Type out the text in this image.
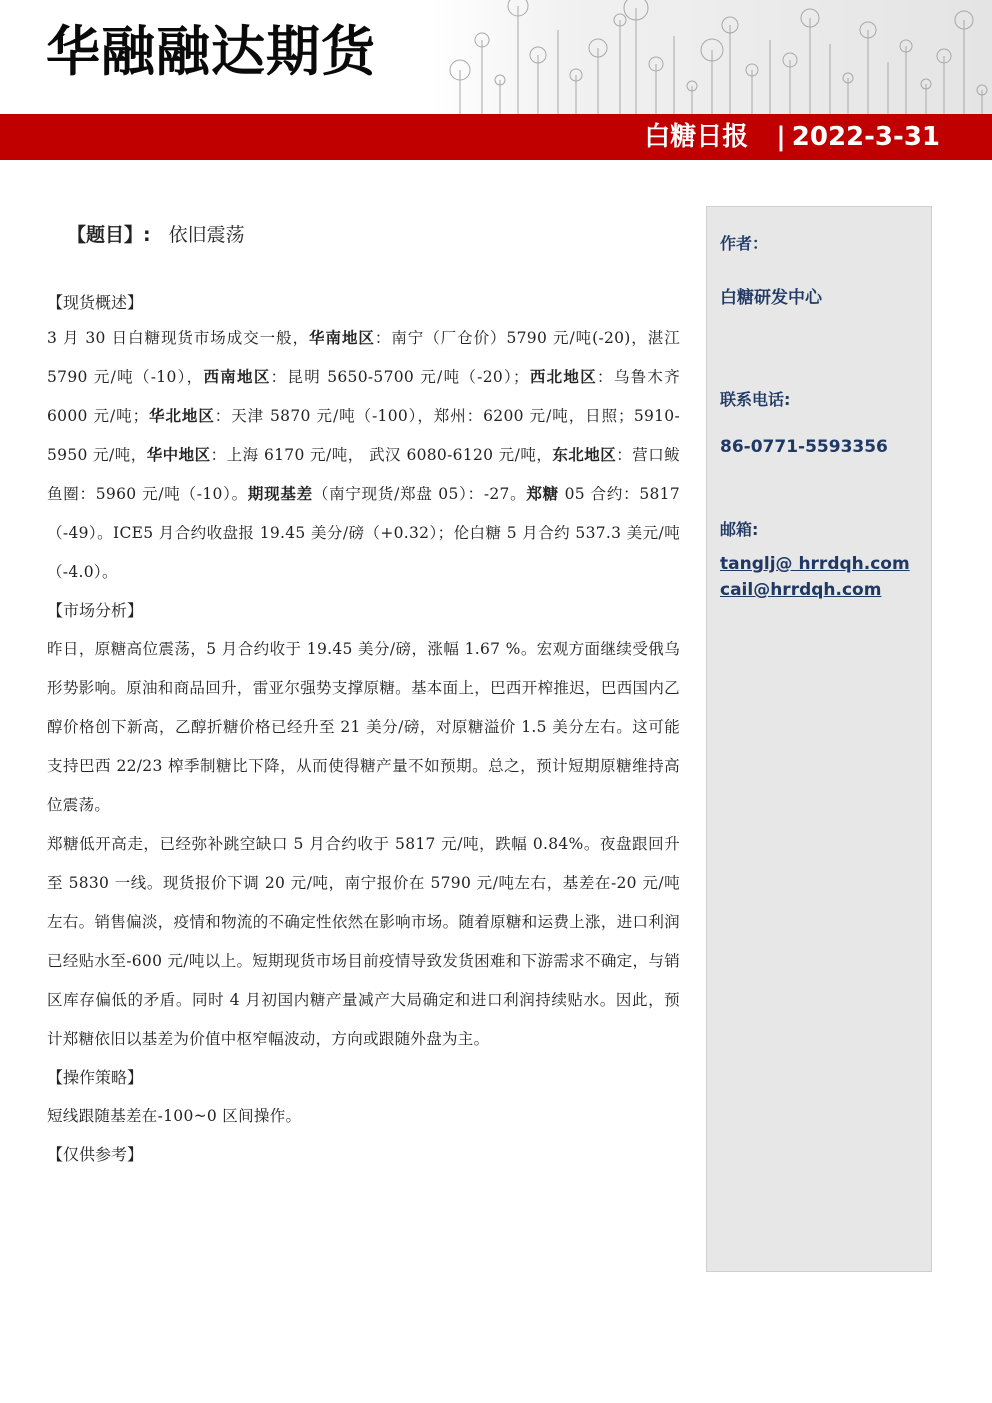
华融融达期货
白糖日报 | 2022-3-31
【题目】: 依旧震荡
【现货概述】
3 月 30 日白糖现货市场成交一般，华南地区：南宁（厂仓价）5790 元/吨(-20)，湛江 5790 元/吨（-10），西南地区：昆明 5650-5700 元/吨（-20）；西北地区：乌鲁木齐 6000 元/吨；华北地区：天津 5870 元/吨（-100），郑州：6200 元/吨，日照；5910-5950 元/吨，华中地区：上海 6170 元/吨， 武汉 6080-6120 元/吨，东北地区：营口鲅鱼圈：5960 元/吨（-10）。期现基差（南宁现货/郑盘 05）：-27。郑糖 05 合约：5817（-49）。ICE5 月合约收盘报 19.45 美分/磅（+0.32）；伦白糖 5 月合约 537.3 美元/吨（-4.0）。
【市场分析】
昨日，原糖高位震荡，5 月合约收于 19.45 美分/磅，涨幅 1.67 %。宏观方面继续受俄乌形势影响。原油和商品回升，雷亚尔强势支撑原糖。基本面上，巴西开榨推迟，巴西国内乙醇价格创下新高，乙醇折糖价格已经升至 21 美分/磅，对原糖溢价 1.5 美分左右。这可能支持巴西 22/23 榨季制糖比下降，从而使得糖产量不如预期。总之，预计短期原糖维持高位震荡。
郑糖低开高走，已经弥补跳空缺口 5 月合约收于 5817 元/吨，跌幅 0.84%。夜盘跟回升至 5830 一线。现货报价下调 20 元/吨，南宁报价在 5790 元/吨左右，基差在-20 元/吨左右。销售偏淡，疫情和物流的不确定性依然在影响市场。随着原糖和运费上涨，进口利润已经贴水至-600 元/吨以上。短期现货市场目前疫情导致发货困难和下游需求不确定，与销区库存偏低的矛盾。同时 4 月初国内糖产量减产大局确定和进口利润持续贴水。因此，预计郑糖依旧以基差为价值中枢窄幅波动，方向或跟随外盘为主。
【操作策略】
短线跟随基差在-100~0 区间操作。
【仅供参考】
作者：
白糖研发中心
联系电话:
86-0771-5593356
邮箱:
tanglj@ hrrdqh.com
cail@hrrdqh.com
